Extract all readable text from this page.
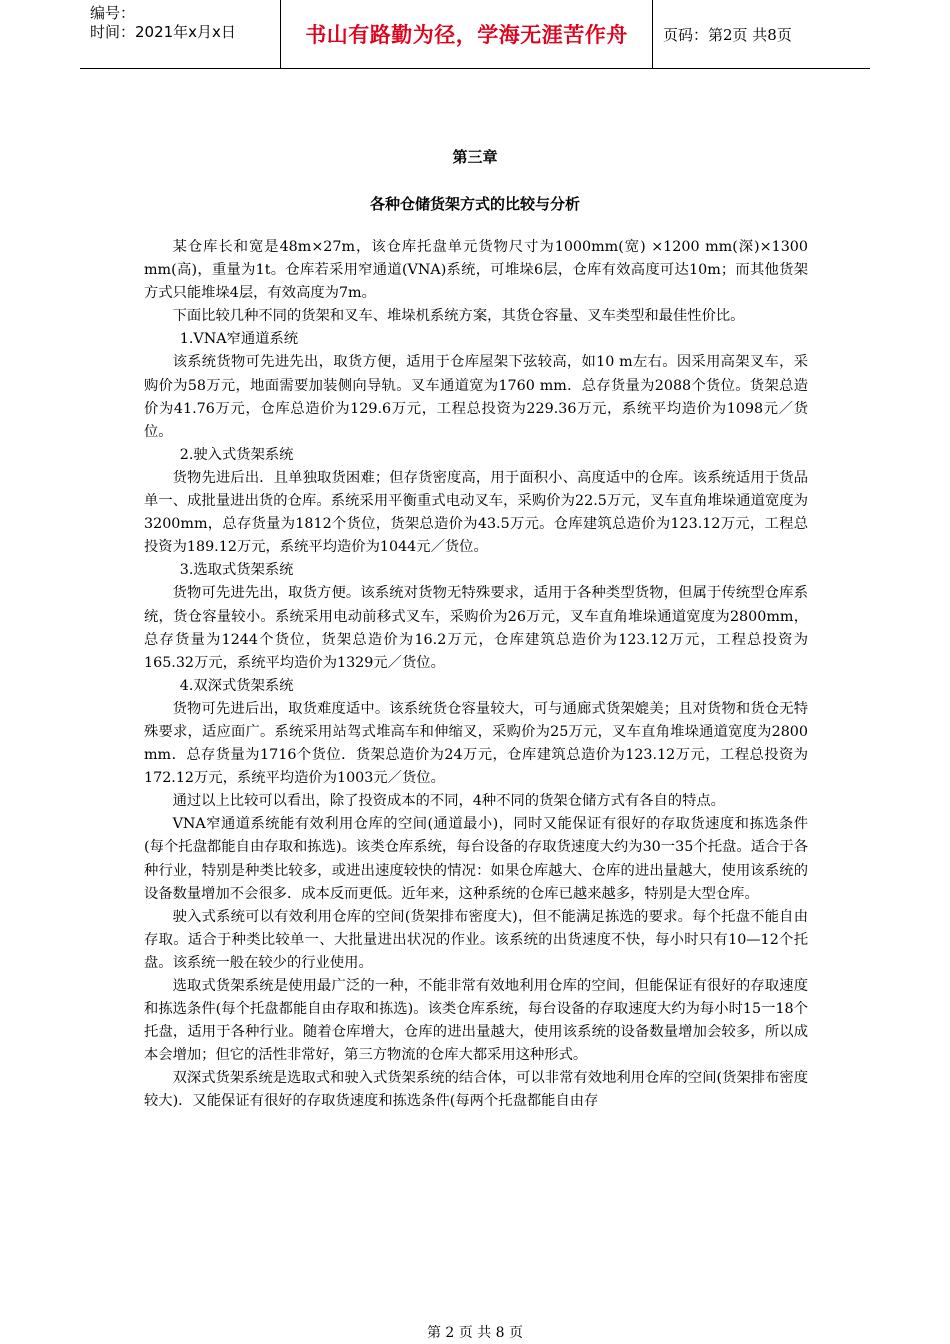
编号：
时间：2021年x月x日	书山有路勤为径，学海无涯苦作舟	页码：第2页 共8页
第三章
各种仓储货架方式的比较与分析

某仓库长和宽是48m×27m，该仓库托盘单元货物尺寸为1000mm(宽) ×1200 mm(深)×1300 mm(高)，重量为1t。仓库若采用窄通道(VNA)系统，可堆垛6层，仓库有效高度可达10m；而其他货架方式只能堆垛4层，有效高度为7m。

下面比较几种不同的货架和叉车、堆垛机系统方案，其货仓容量、叉车类型和最佳性价比。

1.VNA窄通道系统

该系统货物可先进先出，取货方便，适用于仓库屋架下弦较高，如10 m左右。因采用高架叉车，采购价为58万元，地面需要加装侧向导轨。叉车通道宽为1760 mm．总存货量为2088个货位。货架总造价为41.76万元，仓库总造价为129.6万元，工程总投资为229.36万元，系统平均造价为1098元／货位。

2.驶入式货架系统

货物先进后出．且单独取货困难；但存货密度高，用于面积小、高度适中的仓库。该系统适用于货品单一、成批量进出货的仓库。系统采用平衡重式电动叉车，采购价为22.5万元，叉车直角堆垛通道宽度为3200mm，总存货量为1812个货位，货架总造价为43.5万元。仓库建筑总造价为123.12万元，工程总投资为189.12万元，系统平均造价为1044元／货位。

3.选取式货架系统

货物可先进先出，取货方便。该系统对货物无特殊要求，适用于各种类型货物，但属于传统型仓库系统，货仓容量较小。系统采用电动前移式叉车，采购价为26万元，叉车直角堆垛通道宽度为2800mm，总存货量为1244个货位，货架总造价为16.2万元，仓库建筑总造价为123.12万元，工程总投资为165.32万元，系统平均造价为1329元／货位。

4.双深式货架系统

货物可先进后出，取货难度适中。该系统货仓容量较大，可与通廊式货架媲美；且对货物和货仓无特殊要求，适应面广。系统采用站驾式堆高车和伸缩叉，采购价为25万元，叉车直角堆垛通道宽度为2800 mm．总存货量为1716个货位．货架总造价为24万元，仓库建筑总造价为123.12万元，工程总投资为172.12万元，系统平均造价为1003元／货位。

通过以上比较可以看出，除了投资成本的不同，4种不同的货架仓储方式有各自的特点。

VNA窄通道系统能有效利用仓库的空间(通道最小)，同时又能保证有很好的存取货速度和拣选条件(每个托盘都能自由存取和拣选)。该类仓库系统，每台设备的存取货速度大约为30一35个托盘。适合于各种行业，特别是种类比较多，或进出速度较快的情况：如果仓库越大、仓库的进出量越大，使用该系统的设备数量增加不会很多．成本反而更低。近年来，这种系统的仓库已越来越多，特别是大型仓库。

驶入式系统可以有效利用仓库的空间(货架排布密度大)，但不能满足拣选的要求。每个托盘不能自由存取。适合于种类比较单一、大批量进出状况的作业。该系统的出货速度不快，每小时只有10—12个托盘。该系统一般在较少的行业使用。

选取式货架系统是使用最广泛的一种，不能非常有效地利用仓库的空间，但能保证有很好的存取速度和拣选条件(每个托盘都能自由存取和拣选)。该类仓库系统，每台设备的存取速度大约为每小时15一18个托盘，适用于各种行业。随着仓库增大，仓库的进出量越大，使用该系统的设备数量增加会较多，所以成本会增加；但它的活性非常好，第三方物流的仓库大都采用这种形式。

双深式货架系统是选取式和驶入式货架系统的结合体，可以非常有效地利用仓库的空间(货架排布密度较大)．又能保证有很好的存取货速度和拣选条件(每两个托盘都能自由存

第 2 页 共 8 页
